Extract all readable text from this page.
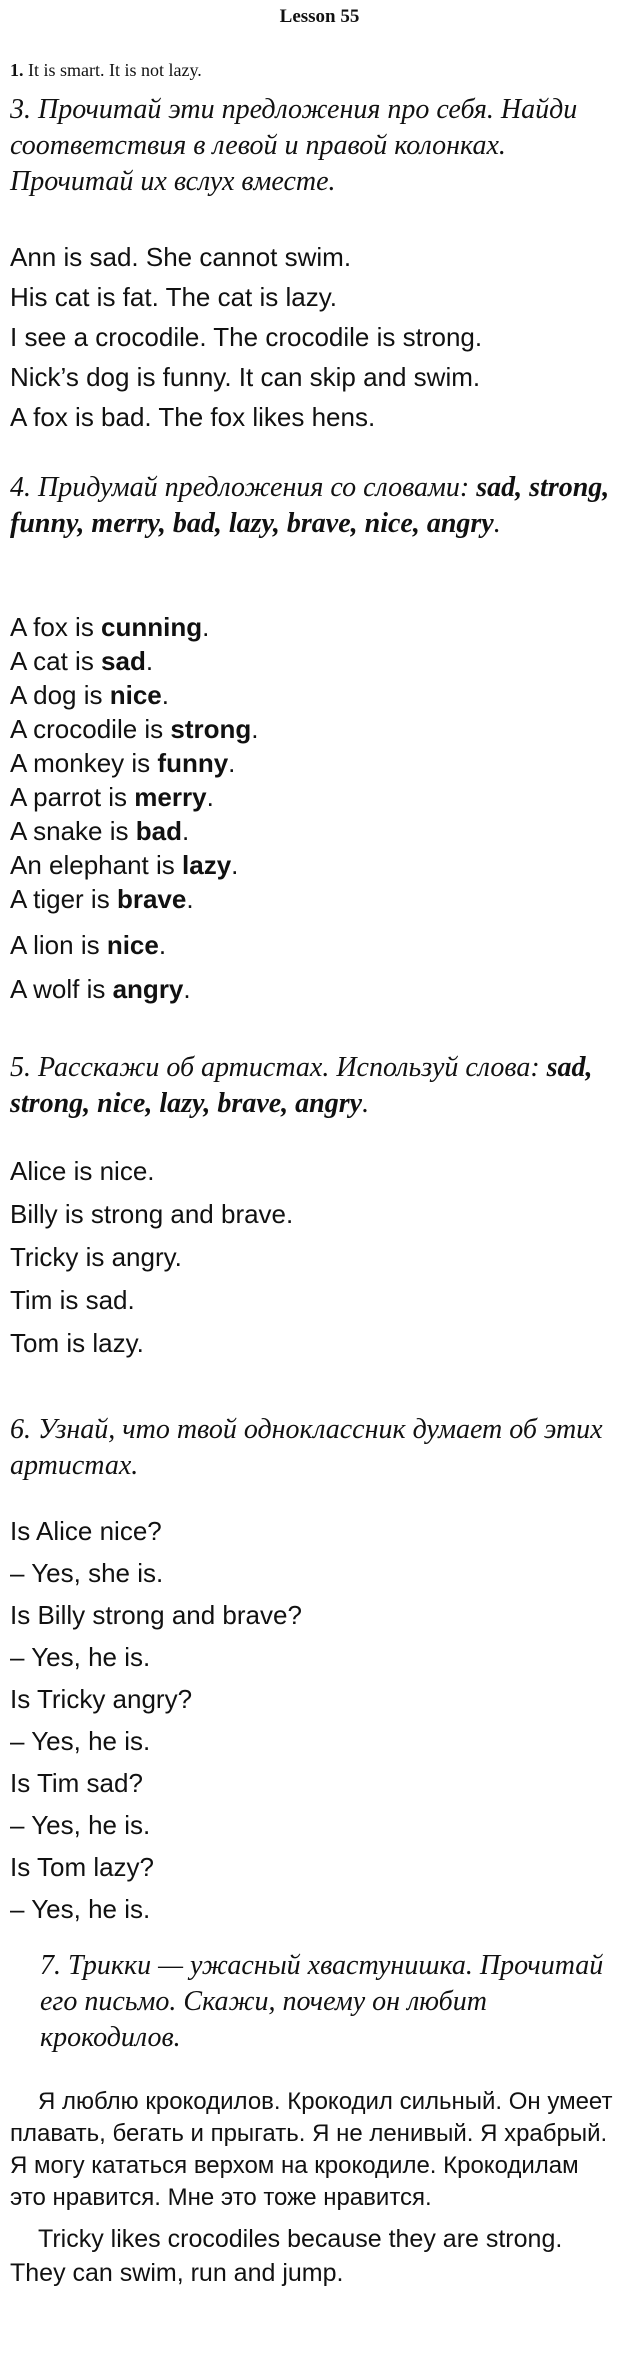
Lesson 55
1. It is smart. It is not lazy.
3. Прочитай эти предложения про себя. Найди соответствия в левой и правой колонках. Прочитай их вслух вместе.
Ann is sad. She cannot swim.
His cat is fat. The cat is lazy.
I see a crocodile. The crocodile is strong.
Nick’s dog is funny. It can skip and swim.
A fox is bad. The fox likes hens.
4. Придумай предложения со словами: sad, strong, funny, merry, bad, lazy, brave, nice, angry.
A fox is cunning.
A cat is sad.
A dog is nice.
A crocodile is strong.
A monkey is funny.
A parrot is merry.
A snake is bad.
An elephant is lazy.
A tiger is brave.
A lion is nice.
A wolf is angry.
5. Расскажи об артистах. Используй слова: sad, strong, nice, lazy, brave, angry.
Alice is nice.
Billy is strong and brave.
Tricky is angry.
Tim is sad.
Tom is lazy.
6. Узнай, что твой одноклассник думает об этих артистах.
Is Alice nice?
– Yes, she is.
Is Billy strong and brave?
– Yes, he is.
Is Tricky angry?
– Yes, he is.
Is Tim sad?
– Yes, he is.
Is Tom lazy?
– Yes, he is.
7. Трикки — ужасный хвастунишка. Прочитай его письмо. Скажи, почему он любит крокодилов.
Я люблю крокодилов. Крокодил сильный. Он умеет плавать, бегать и прыгать. Я не ленивый. Я храбрый. Я могу кататься верхом на крокодиле. Крокодилам это нравится. Мне это тоже нравится.
Tricky likes crocodiles because they are strong. They can swim, run and jump.
